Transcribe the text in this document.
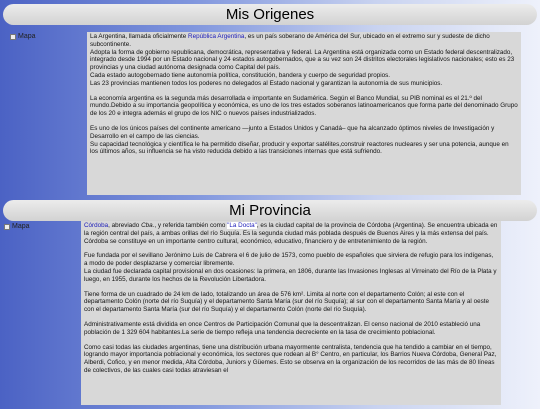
Mis Origenes
Mapa	La Argentina, llamada oficialmente República Argentina, es un país soberano de América del Sur, ubicado en el extremo sur y sudeste de dicho subcontinente.
Adopta la forma de gobierno republicana, democrática, representativa y federal. La Argentina está organizada como un Estado federal descentralizado, integrado desde 1994 por un Estado nacional y 24 estados autogobernados, que a su vez son 24 distritos electorales legislativos nacionales; esto es 23 provincias y una ciudad autónoma designada como Capital del país.
Cada estado autogobernado tiene autonomía política, constitución, bandera y cuerpo de seguridad propios.
Las 23 provincias mantienen todos los poderes no delegados al Estado nacional y garantizan la autonomía de sus municipios.

La economía argentina es la segunda más desarrollada e importante en Sudamérica. Según el Banco Mundial, su PIB nominal es el 21.º del mundo.Debido a su importancia geopolítica y económica, es uno de los tres estados soberanos latinoamericanos que forma parte del denominado Grupo de los 20 e integra además el grupo de los NIC o nuevos países industrializados.

Es uno de los únicos países del continente americano —junto a Estados Unidos y Canadá– que ha alcanzado óptimos niveles de Investigación y Desarrollo en el campo de las ciencias.
Su capacidad tecnológica y científica le ha permitido diseñar, producir y exportar satélites,construir reactores nucleares y ser una potencia, aunque en los últimos años, su influencia se ha visto reducida debido a las transiciones internas que está sufriendo.

Mi Provincia
Mapa	Córdoba, abreviado Cba., y referida también como "La Docta", es la ciudad capital de la provincia de Córdoba (Argentina). Se encuentra ubicada en la región central del país, a ambas orillas del río Suquía. Es la segunda ciudad más poblada después de Buenos Aires y la más extensa del país. Córdoba se constituye en un importante centro cultural, económico, educativo, financiero y de entretenimiento de la región.

Fue fundada por el sevillano Jerónimo Luis de Cabrera el 6 de julio de 1573, como pueblo de españoles que sirviera de refugio para los indígenas, a modo de poder desplazarse y comerciar libremente.
La ciudad fue declarada capital provisional en dos ocasiones: la primera, en 1806, durante las Invasiones Inglesas al Virreinato del Río de la Plata y luego, en 1955, durante los hechos de la Revolución Libertadora.

Tiene forma de un cuadrado de 24 km de lado, totalizando un área de 576 km². Limita al norte con el departamento Colón; al este con el departamento Colón (norte del río Suquía) y el departamento Santa María (sur del río Suquía); al sur con el departamento Santa María y al oeste con el departamento Santa María (sur del río Suquía) y el departamento Colón (norte del río Suquía).

Administrativamente está dividida en once Centros de Participación Comunal que la descentralizan. El censo nacional de 2010 estableció una población de 1 329 604 habitantes.La serie de tiempo refleja una tendencia decreciente en la tasa de crecimiento poblacional.

Como casi todas las ciudades argentinas, tiene una distribución urbana mayormente centralista, tendencia que ha tendido a cambiar en el tiempo, logrando mayor importancia poblacional y económica, los sectores que rodean al B° Centro, en particular, los Barrios Nueva Córdoba, General Paz, Alberdi, Cofico, y en menor medida, Alta Córdoba, Juniors y Güemes. Esto se observa en la organización de los recorridos de las más de 80 líneas de colectivos, de las cuales casi todas atraviesan el
